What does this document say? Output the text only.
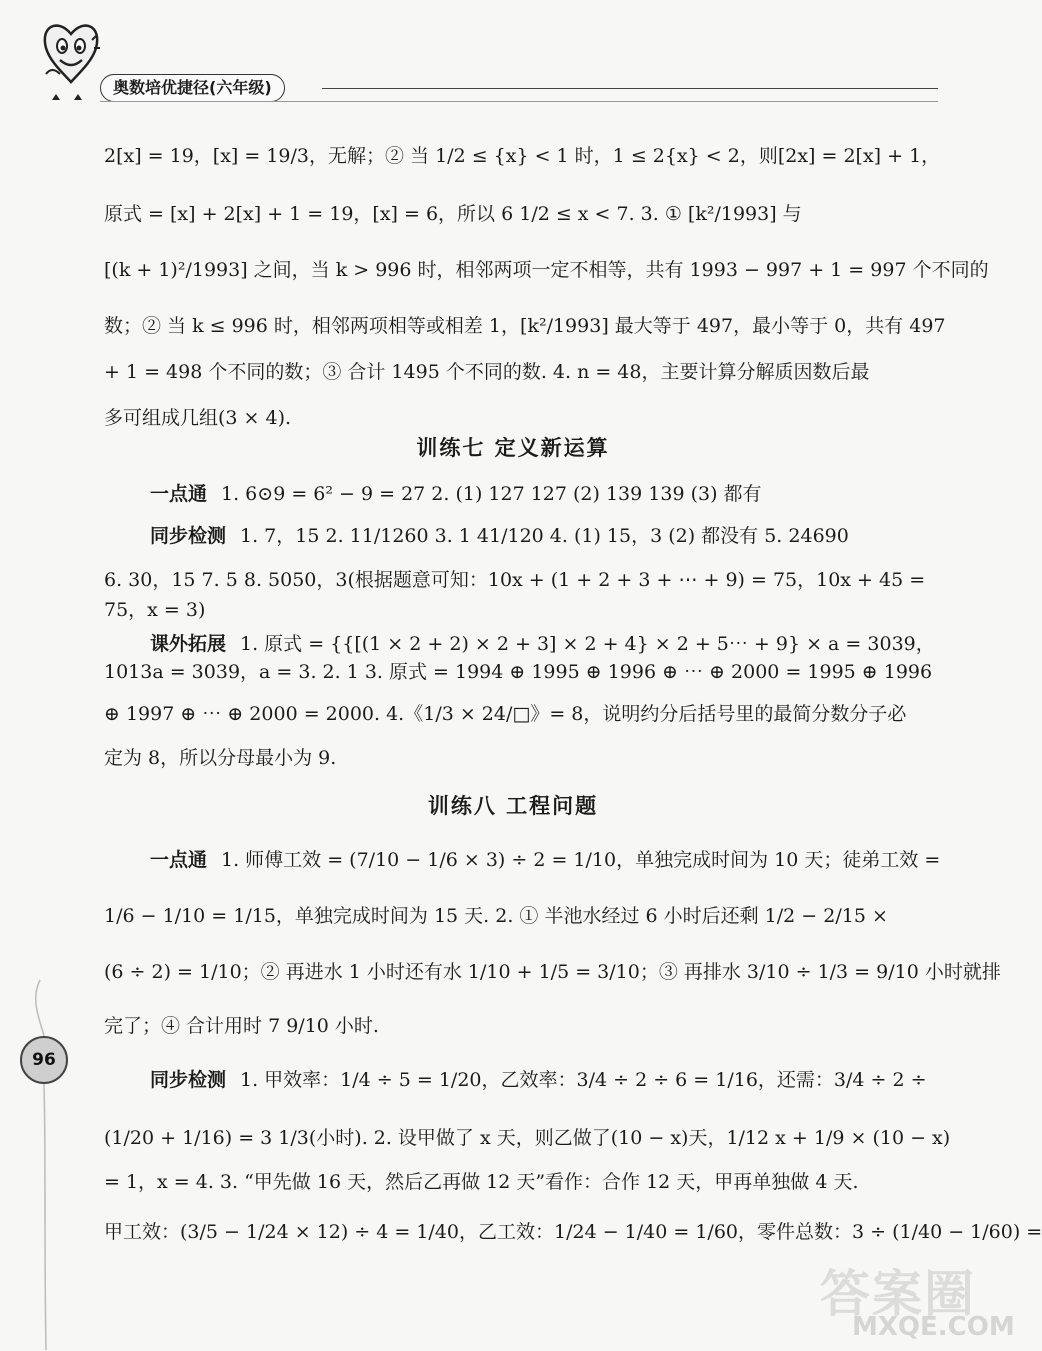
奥数培优捷径(六年级)
2[x] = 19，[x] = 19/3，无解；② 当 1/2 ≤ {x} < 1 时，1 ≤ 2{x} < 2，则[2x] = 2[x] + 1，
原式 = [x] + 2[x] + 1 = 19，[x] = 6，所以 6 1/2 ≤ x < 7. 3. ① [k²/1993] 与
[(k + 1)²/1993] 之间，当 k > 996 时，相邻两项一定不相等，共有 1993 − 997 + 1 = 997 个不同的
数；② 当 k ≤ 996 时，相邻两项相等或相差 1，[k²/1993] 最大等于 497，最小等于 0，共有 497
+ 1 = 498 个不同的数；③ 合计 1495 个不同的数. 4. n = 48，主要计算分解质因数后最
多可组成几组(3 × 4).
训练七 定义新运算
一点通 1. 6⊙9 = 6² − 9 = 27 2. (1) 127 127 (2) 139 139 (3) 都有
同步检测 1. 7，15 2. 11/1260 3. 1 41/120 4. (1) 15，3 (2) 都没有 5. 24690
6. 30，15 7. 5 8. 5050，3(根据题意可知：10x + (1 + 2 + 3 + ⋯ + 9) = 75，10x + 45 =
75，x = 3)
课外拓展 1. 原式 = {{[(1 × 2 + 2) × 2 + 3] × 2 + 4} × 2 + 5⋯ + 9} × a = 3039，
1013a = 3039，a = 3. 2. 1 3. 原式 = 1994 ⊕ 1995 ⊕ 1996 ⊕ ⋯ ⊕ 2000 = 1995 ⊕ 1996
⊕ 1997 ⊕ ⋯ ⊕ 2000 = 2000. 4.《1/3 × 24/□》= 8，说明约分后括号里的最简分数分子必
定为 8，所以分母最小为 9.
训练八 工程问题
一点通 1. 师傅工效 = (7/10 − 1/6 × 3) ÷ 2 = 1/10，单独完成时间为 10 天；徒弟工效 =
1/6 − 1/10 = 1/15，单独完成时间为 15 天. 2. ① 半池水经过 6 小时后还剩 1/2 − 2/15 ×
(6 ÷ 2) = 1/10；② 再进水 1 小时还有水 1/10 + 1/5 = 3/10；③ 再排水 3/10 ÷ 1/3 = 9/10 小时就排
完了；④ 合计用时 7 9/10 小时.
同步检测 1. 甲效率：1/4 ÷ 5 = 1/20，乙效率：3/4 ÷ 2 ÷ 6 = 1/16，还需：3/4 ÷ 2 ÷
(1/20 + 1/16) = 3 1/3(小时). 2. 设甲做了 x 天，则乙做了(10 − x)天，1/12 x + 1/9 × (10 − x)
= 1，x = 4. 3. “甲先做 16 天，然后乙再做 12 天”看作：合作 12 天，甲再单独做 4 天.
甲工效：(3/5 − 1/24 × 12) ÷ 4 = 1/40，乙工效：1/24 − 1/40 = 1/60，零件总数：3 ÷ (1/40 − 1/60) =
96
答案圈
MXQE.COM
